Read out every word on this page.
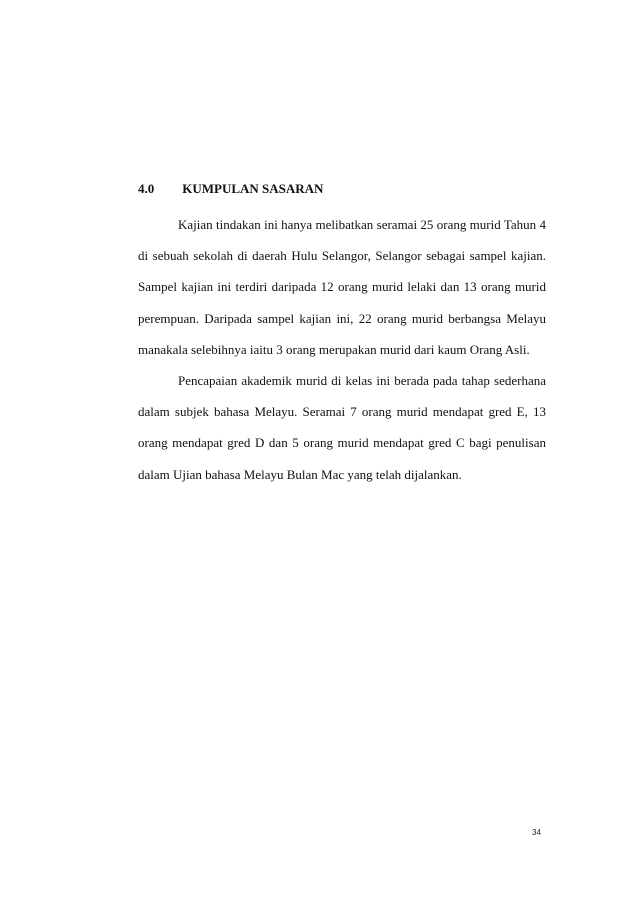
4.0 KUMPULAN SASARAN

Kajian tindakan ini hanya melibatkan seramai 25 orang murid Tahun 4 di sebuah sekolah di daerah Hulu Selangor, Selangor sebagai sampel kajian. Sampel kajian ini terdiri daripada 12 orang murid lelaki dan 13 orang murid perempuan. Daripada sampel kajian ini, 22 orang murid berbangsa Melayu manakala selebihnya iaitu 3 orang merupakan murid dari kaum Orang Asli.

Pencapaian akademik murid di kelas ini berada pada tahap sederhana dalam subjek bahasa Melayu. Seramai 7 orang murid mendapat gred E, 13 orang mendapat gred D dan 5 orang murid mendapat gred C bagi penulisan dalam Ujian bahasa Melayu Bulan Mac yang telah dijalankan.

34
